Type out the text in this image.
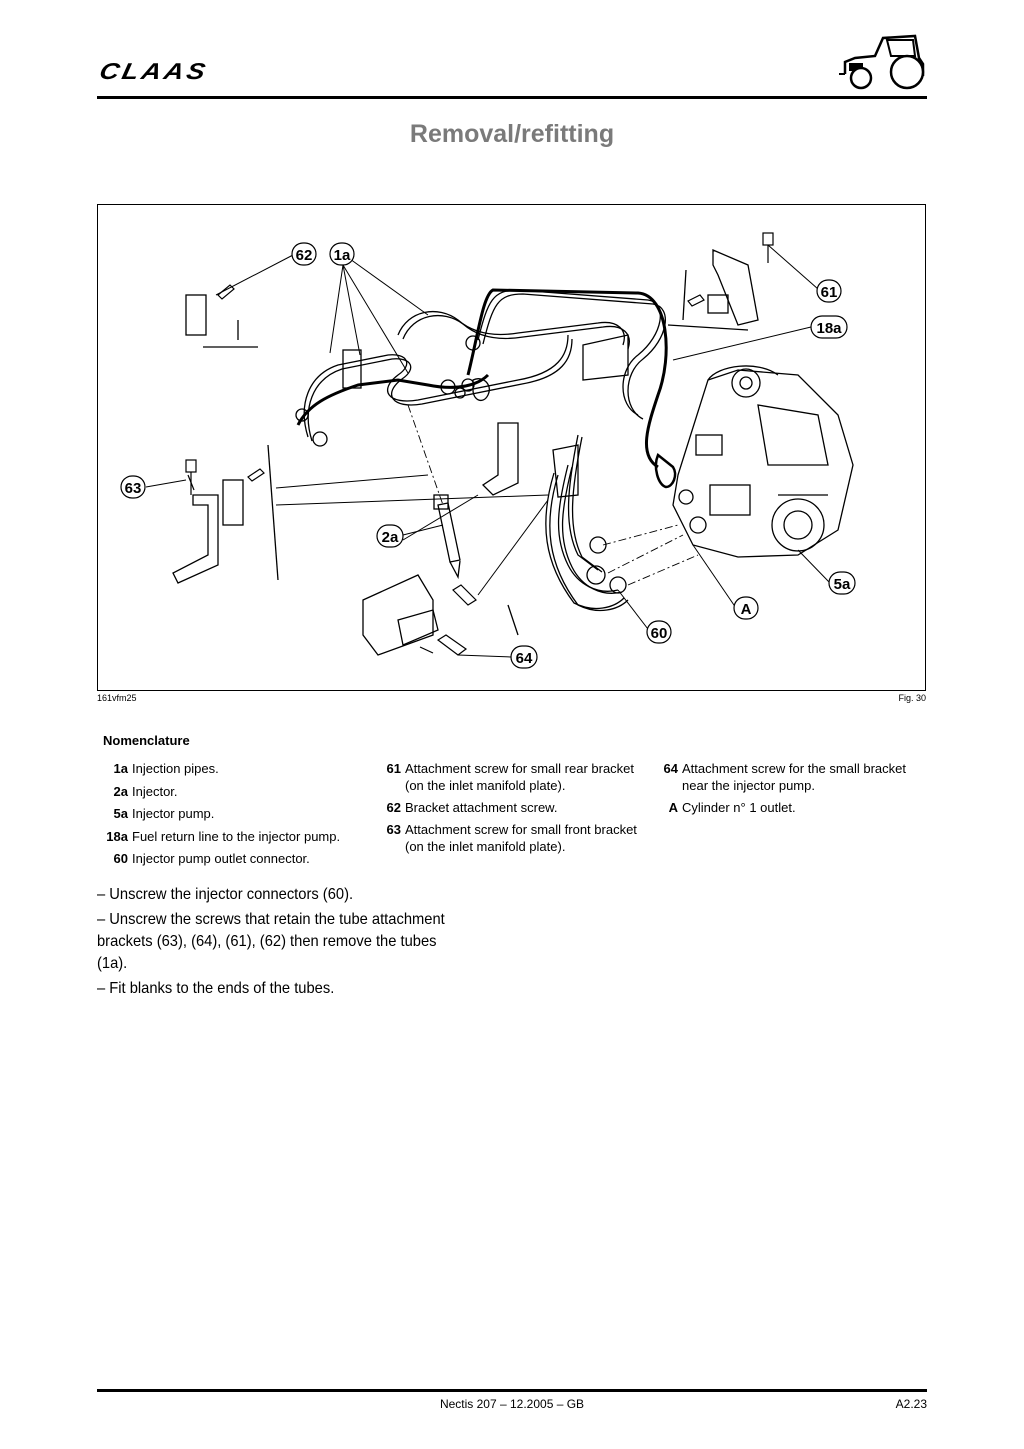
CLAAS
Removal/refitting
62 1a
61
18a
63
2a
5a
A
60
64
161vfm25	Fig. 30
Nomenclature
1a Injection pipes.
2a Injector.
5a Injector pump.
18a Fuel return line to the injector pump.
60 Injector pump outlet connector.
61 Attachment screw for small rear bracket (on the inlet manifold plate).
62 Bracket attachment screw.
63 Attachment screw for small front bracket (on the inlet manifold plate).
64 Attachment screw for the small bracket near the injector pump.
A Cylinder n° 1 outlet.

– Unscrew the injector connectors (60).

– Unscrew the screws that retain the tube attachment brackets (63), (64), (61), (62) then remove the tubes (1a).

– Fit blanks to the ends of the tubes.

Nectis 207 – 12.2005 – GB	A2.23
